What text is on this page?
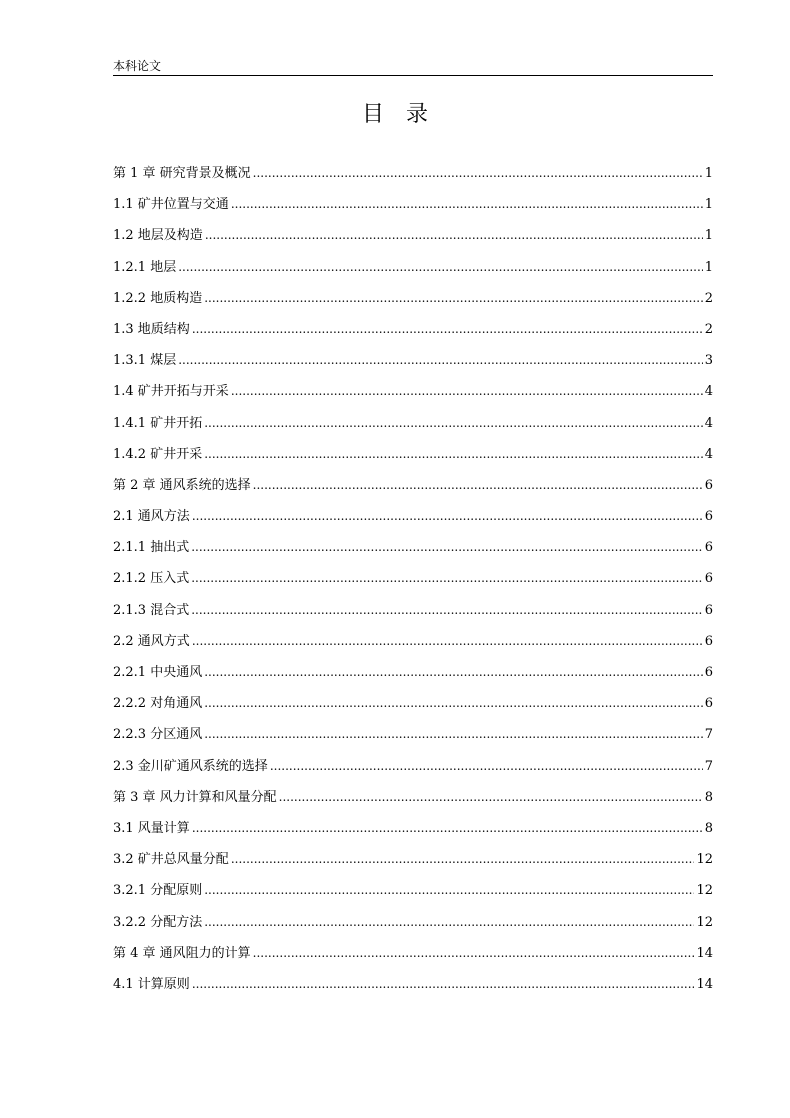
本科论文
目　录
第 1 章 研究背景及概况 .....	1
1.1 矿井位置与交通 .....	1
1.2 地层及构造 .....	1
1.2.1 地层 .....	1
1.2.2 地质构造 .....	2
1.3 地质结构 .....	2
1.3.1 煤层 .....	3
1.4 矿井开拓与开采 .....	4
1.4.1 矿井开拓 .....	4
1.4.2 矿井开采 .....	4
第 2 章 通风系统的选择 .....	6
2.1 通风方法 .....	6
2.1.1 抽出式 .....	6
2.1.2 压入式 .....	6
2.1.3 混合式 .....	6
2.2 通风方式 .....	6
2.2.1 中央通风 .....	6
2.2.2 对角通风 .....	6
2.2.3 分区通风 .....	7
2.3 金川矿通风系统的选择 .....	7
第 3 章 风力计算和风量分配 .....	8
3.1 风量计算 .....	8
3.2 矿井总风量分配 .....	12
3.2.1 分配原则 .....	12
3.2.2 分配方法 .....	12
第 4 章 通风阻力的计算 .....	14
4.1 计算原则 .....	14
